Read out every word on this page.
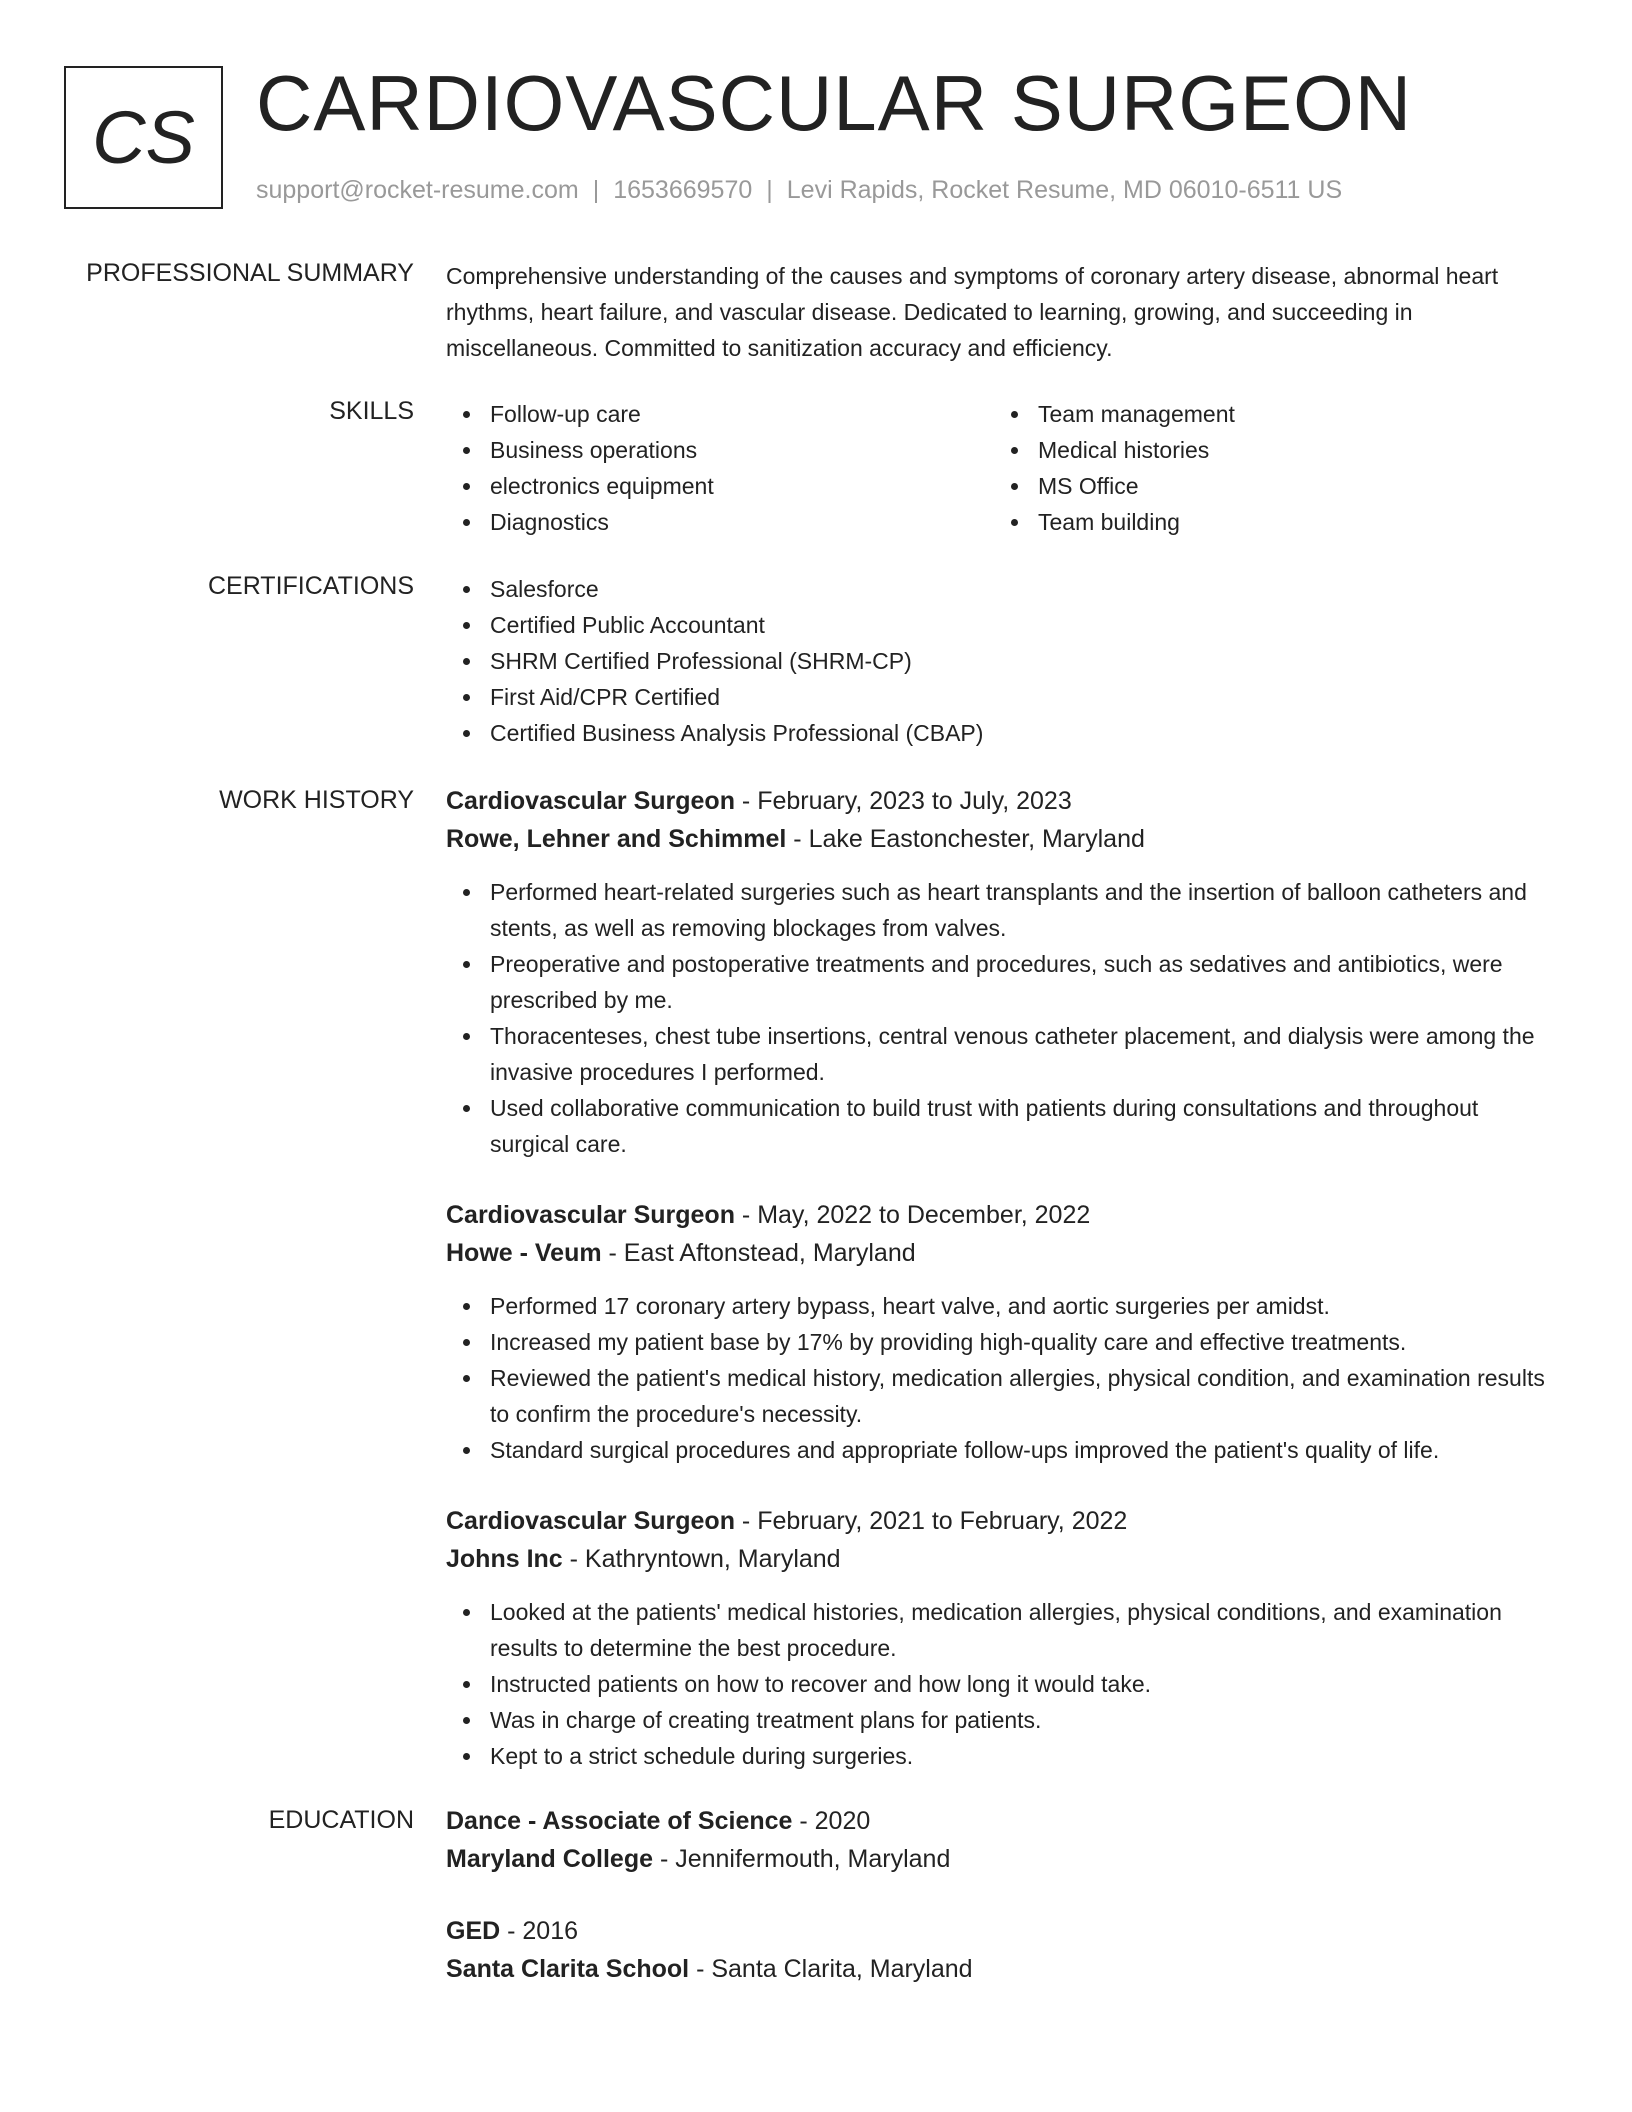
CS CARDIOVASCULAR SURGEON
support@rocket-resume.com | 1653669570 | Levi Rapids, Rocket Resume, MD 06010-6511 US
PROFESSIONAL SUMMARY Comprehensive understanding of the causes and symptoms of coronary artery disease, abnormal heart rhythms, heart failure, and vascular disease. Dedicated to learning, growing, and succeeding in miscellaneous. Committed to sanitization accuracy and efficiency.
SKILLS	Follow-up care
Business operations
electronics equipment
Diagnostics
Team management
Medical histories
MS Office
Team building
CERTIFICATIONS	Salesforce
Certified Public Accountant
SHRM Certified Professional (SHRM-CP)
First Aid/CPR Certified
Certified Business Analysis Professional (CBAP)
WORK HISTORY Cardiovascular Surgeon - February, 2023 to July, 2023
Rowe, Lehner and Schimmel - Lake Eastonchester, Maryland
Performed heart-related surgeries such as heart transplants and the insertion of balloon catheters and stents, as well as removing blockages from valves.
Preoperative and postoperative treatments and procedures, such as sedatives and antibiotics, were prescribed by me.
Thoracenteses, chest tube insertions, central venous catheter placement, and dialysis were among the invasive procedures I performed.
Used collaborative communication to build trust with patients during consultations and throughout surgical care.
Cardiovascular Surgeon - May, 2022 to December, 2022
Howe - Veum - East Aftonstead, Maryland
Performed 17 coronary artery bypass, heart valve, and aortic surgeries per amidst.
Increased my patient base by 17% by providing high-quality care and effective treatments.
Reviewed the patient's medical history, medication allergies, physical condition, and examination results to confirm the procedure's necessity.
Standard surgical procedures and appropriate follow-ups improved the patient's quality of life.
Cardiovascular Surgeon - February, 2021 to February, 2022
Johns Inc - Kathryntown, Maryland
Looked at the patients' medical histories, medication allergies, physical conditions, and examination results to determine the best procedure.
Instructed patients on how to recover and how long it would take.
Was in charge of creating treatment plans for patients.
Kept to a strict schedule during surgeries.
EDUCATION Dance - Associate of Science - 2020
Maryland College - Jennifermouth, Maryland
GED - 2016
Santa Clarita School - Santa Clarita, Maryland
